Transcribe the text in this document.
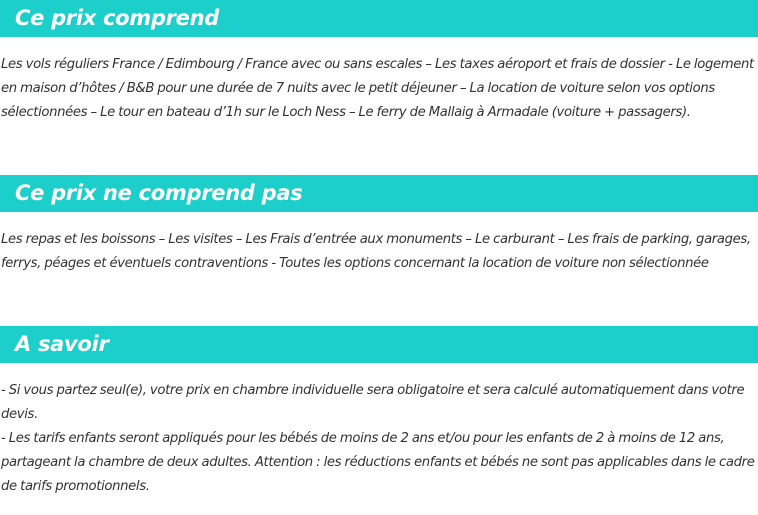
Ce prix comprend

Les vols réguliers France / Edimbourg / France avec ou sans escales – Les taxes aéroport et frais de dossier - Le logement en maison d’hôtes / B&B pour une durée de 7 nuits avec le petit déjeuner – La location de voiture selon vos options sélectionnées – Le tour en bateau d’1h sur le Loch Ness – Le ferry de Mallaig à Armadale (voiture + passagers).

Ce prix ne comprend pas

Les repas et les boissons – Les visites – Les Frais d’entrée aux monuments – Le carburant – Les frais de parking, garages, ferrys, péages et éventuels contraventions - Toutes les options concernant la location de voiture non sélectionnée

A savoir

- Si vous partez seul(e), votre prix en chambre individuelle sera obligatoire et sera calculé automatiquement dans votre devis.

- Les tarifs enfants seront appliqués pour les bébés de moins de 2 ans et/ou pour les enfants de 2 à moins de 12 ans, partageant la chambre de deux adultes. Attention : les réductions enfants et bébés ne sont pas applicables dans le cadre de tarifs promotionnels.
